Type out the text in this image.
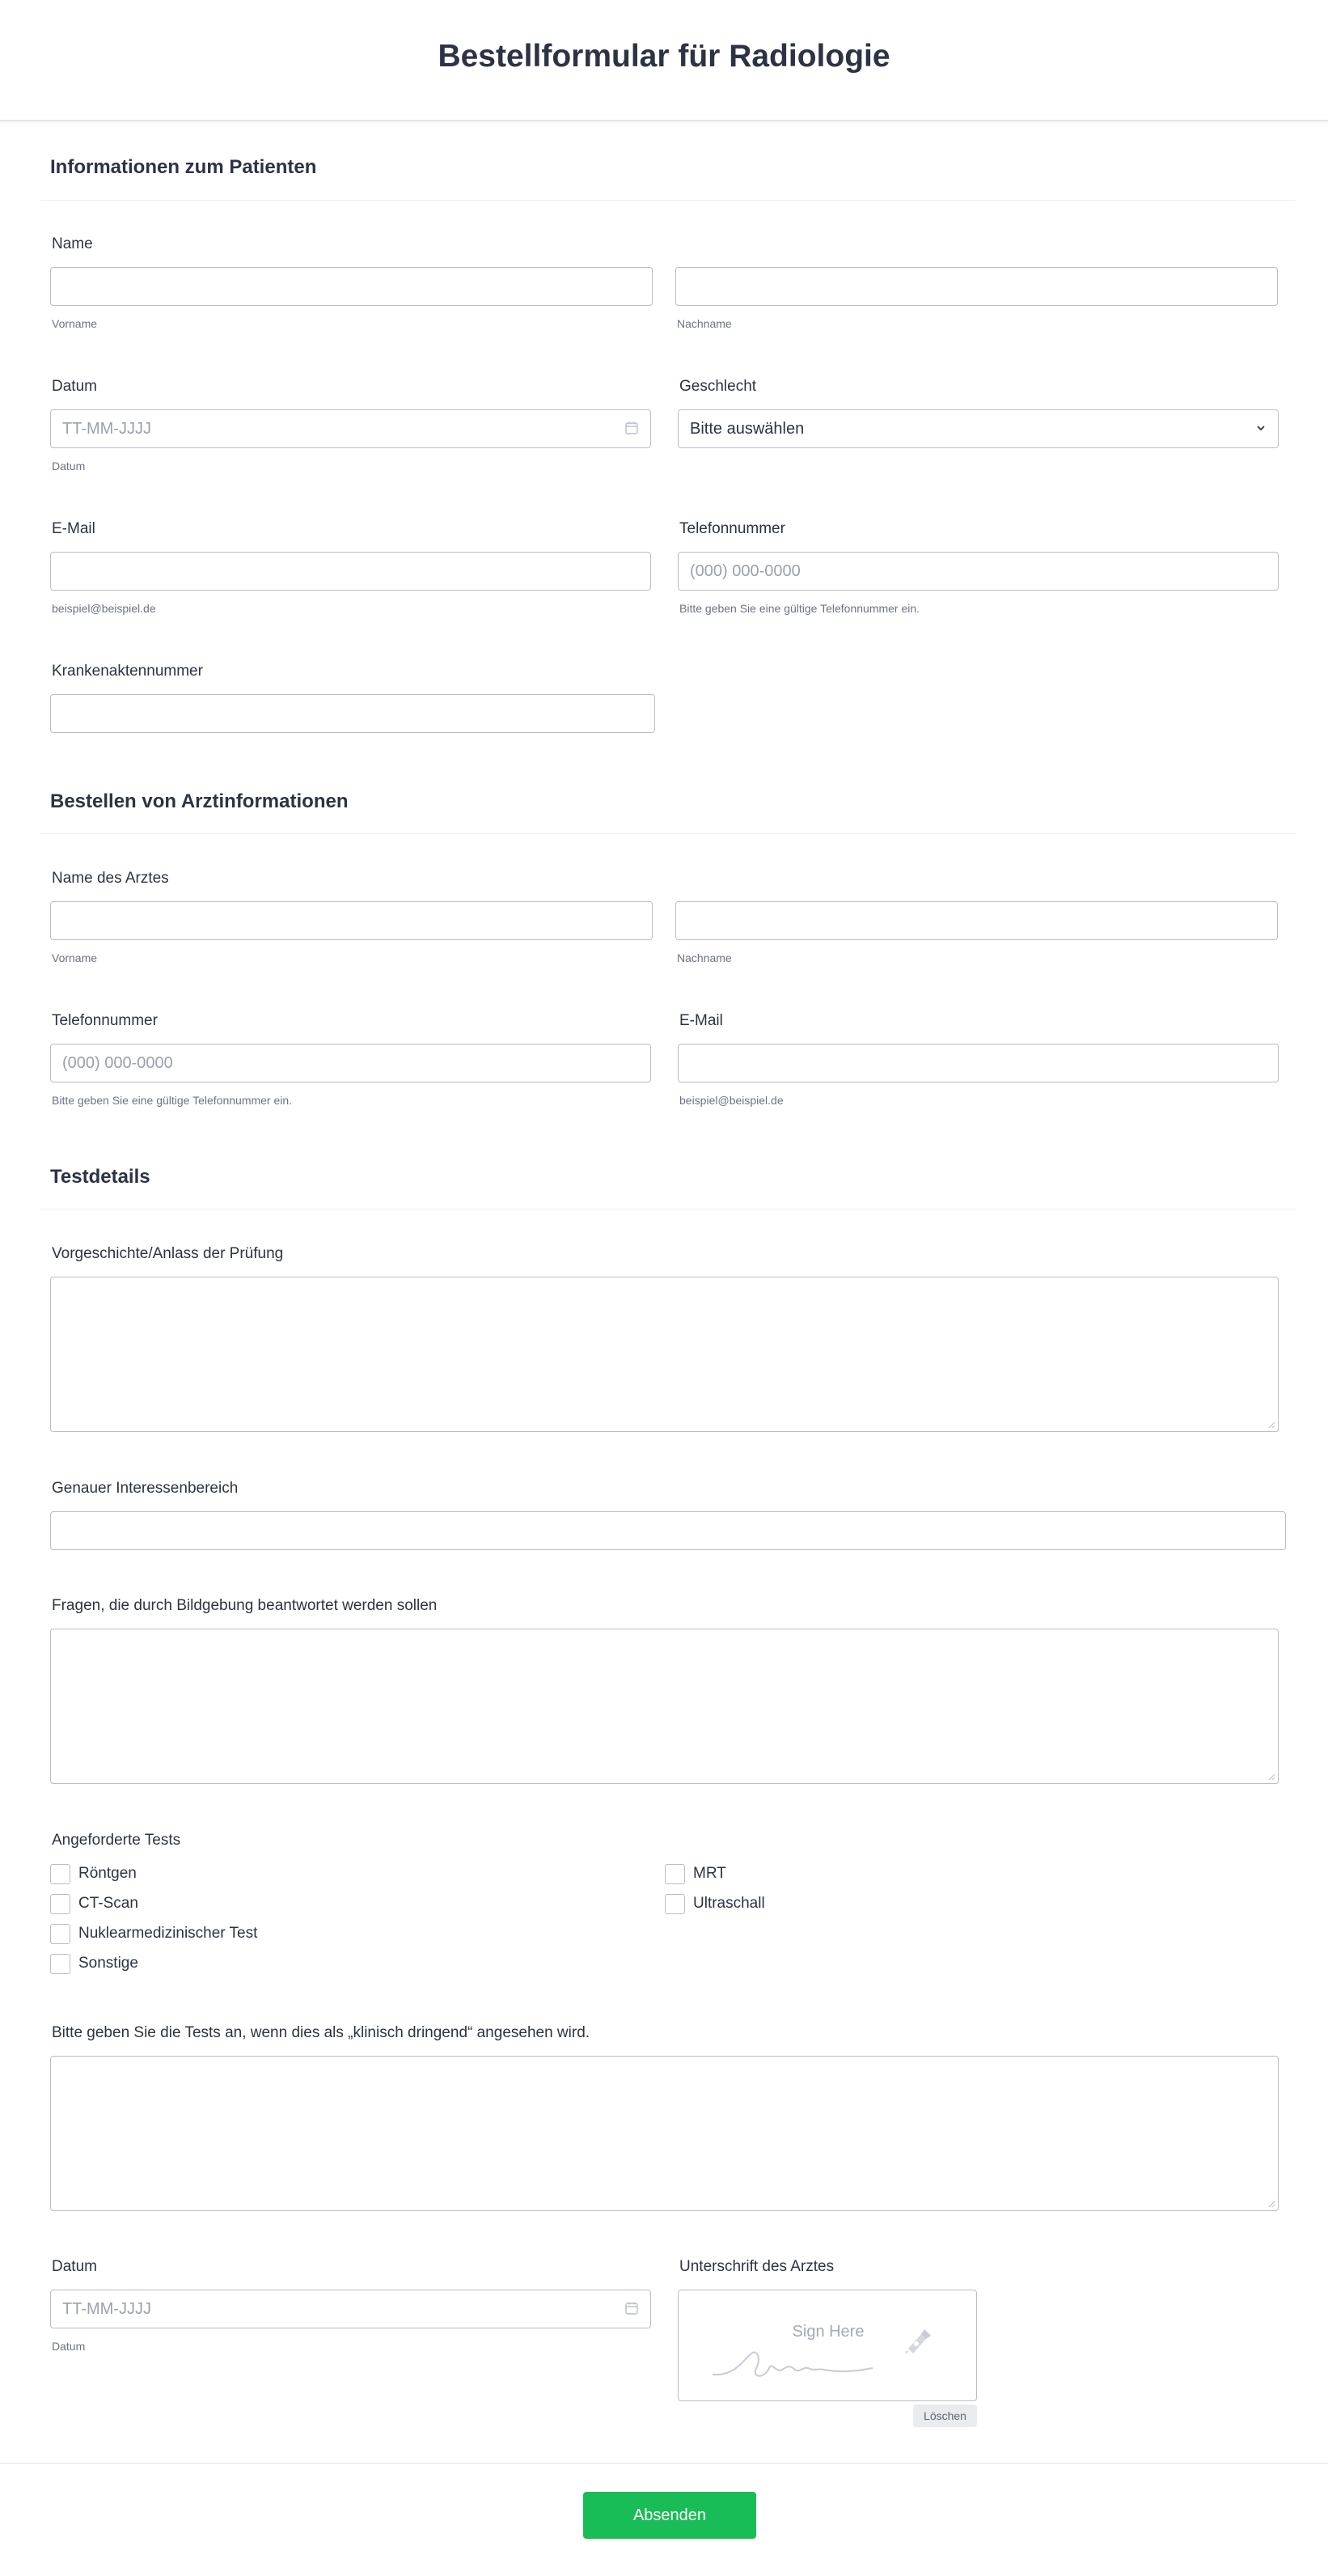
Bestellformular für Radiologie
Informationen zum Patienten
Name
Vorname	Nachname
Datum
TT-MM-JJJJ
Datum
Geschlecht
Bitte auswählen
E-Mail
beispiel@beispiel.de
Telefonnummer
(000) 000-0000
Bitte geben Sie eine gültige Telefonnummer ein.
Krankenaktennummer
Bestellen von Arztinformationen
Name des Arztes
Vorname	Nachname
Telefonnummer
(000) 000-0000
Bitte geben Sie eine gültige Telefonnummer ein.
E-Mail
beispiel@beispiel.de
Testdetails
Vorgeschichte/Anlass der Prüfung
Genauer Interessenbereich
Fragen, die durch Bildgebung beantwortet werden sollen
Angeforderte Tests
Röntgen
CT-Scan
Nuklearmedizinischer Test
Sonstige
MRT
Ultraschall
Bitte geben Sie die Tests an, wenn dies als „klinisch dringend“ angesehen wird.
Datum
TT-MM-JJJJ
Datum
Unterschrift des Arztes
Sign Here
Löschen
Absenden
